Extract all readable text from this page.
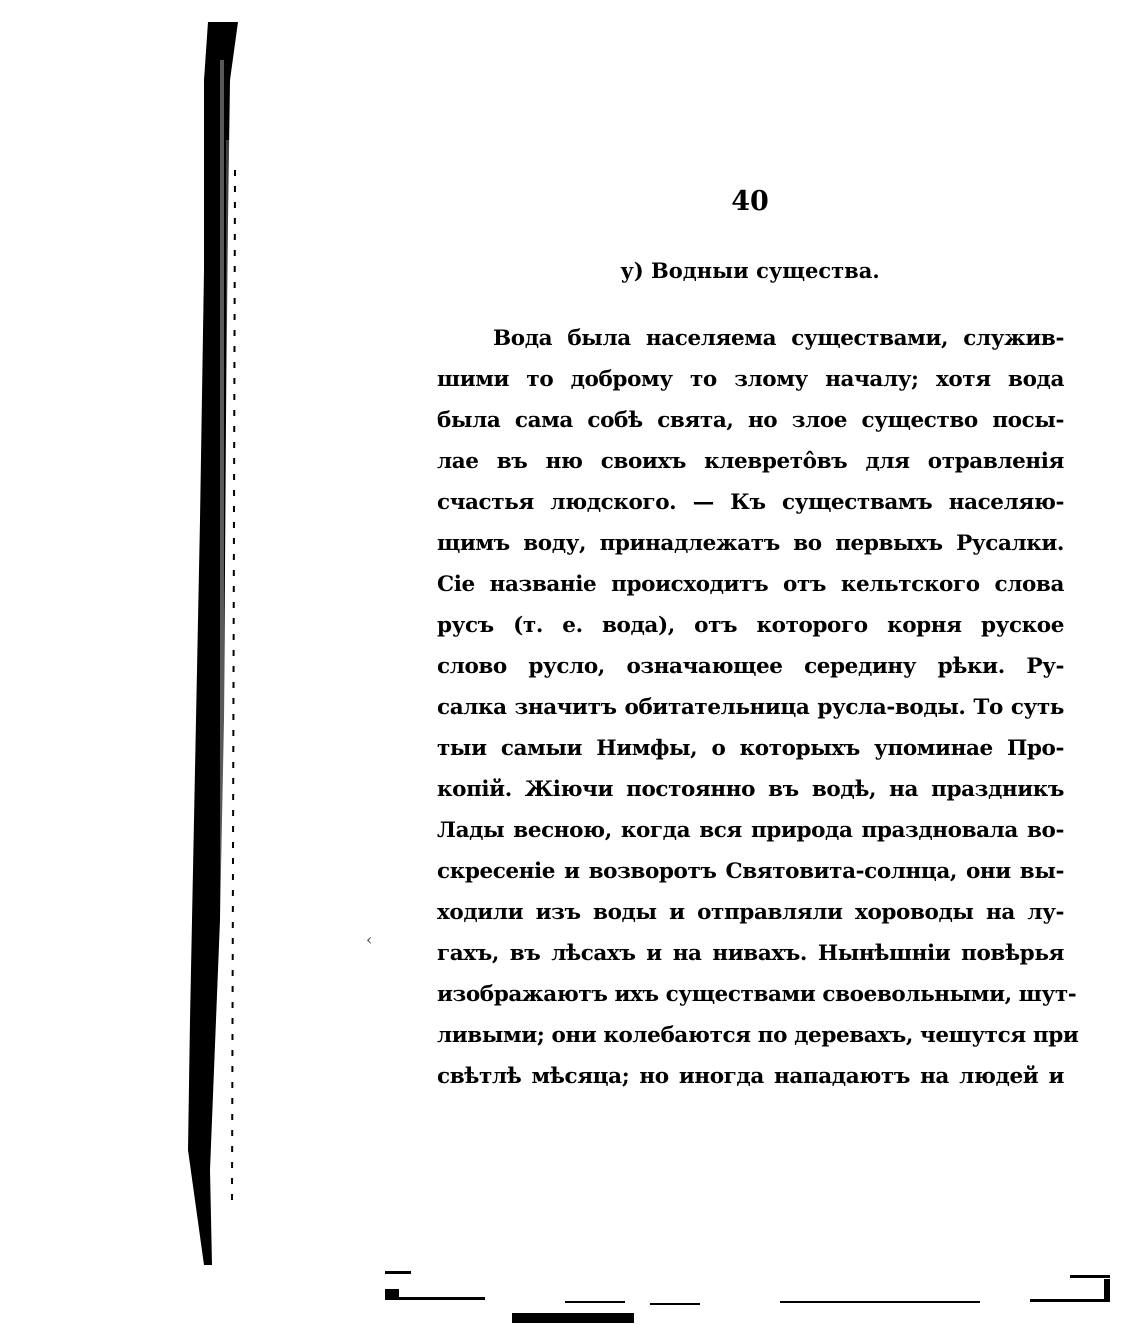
‹
40
у) Водныи существа.
Вода была населяема существами, служив-
шими то доброму то злому началу; хотя вода
была сама собѣ свята, но злое существо посы-
лае въ ню своихъ клевретôвъ для отравленія
счастья людского. — Къ существамъ населяю-
щимъ воду, принадлежатъ во первыхъ Русалки.
Сіе названіе происходитъ отъ кельтского слова
русъ (т. е. вода), отъ которого корня руское
слово русло, означающее середину рѣки. Ру-
салка значитъ обитательница русла-воды. То суть
тыи самыи Нимфы, о которыхъ упоминае Про-
копій. Жіючи постоянно въ водѣ, на праздникъ
Лады весною, когда вся природа праздновала во-
скресеніе и возворотъ Святовита-солнца, они вы-
ходили изъ воды и отправляли хороводы на лу-
гахъ, въ лѣсахъ и на нивахъ. Нынѣшніи повѣрья
изображаютъ ихъ существами своевольными, шут-
ливыми; они колебаются по деревахъ, чешутся при
свѣтлѣ мѣсяца; но иногда нападаютъ на людей и
